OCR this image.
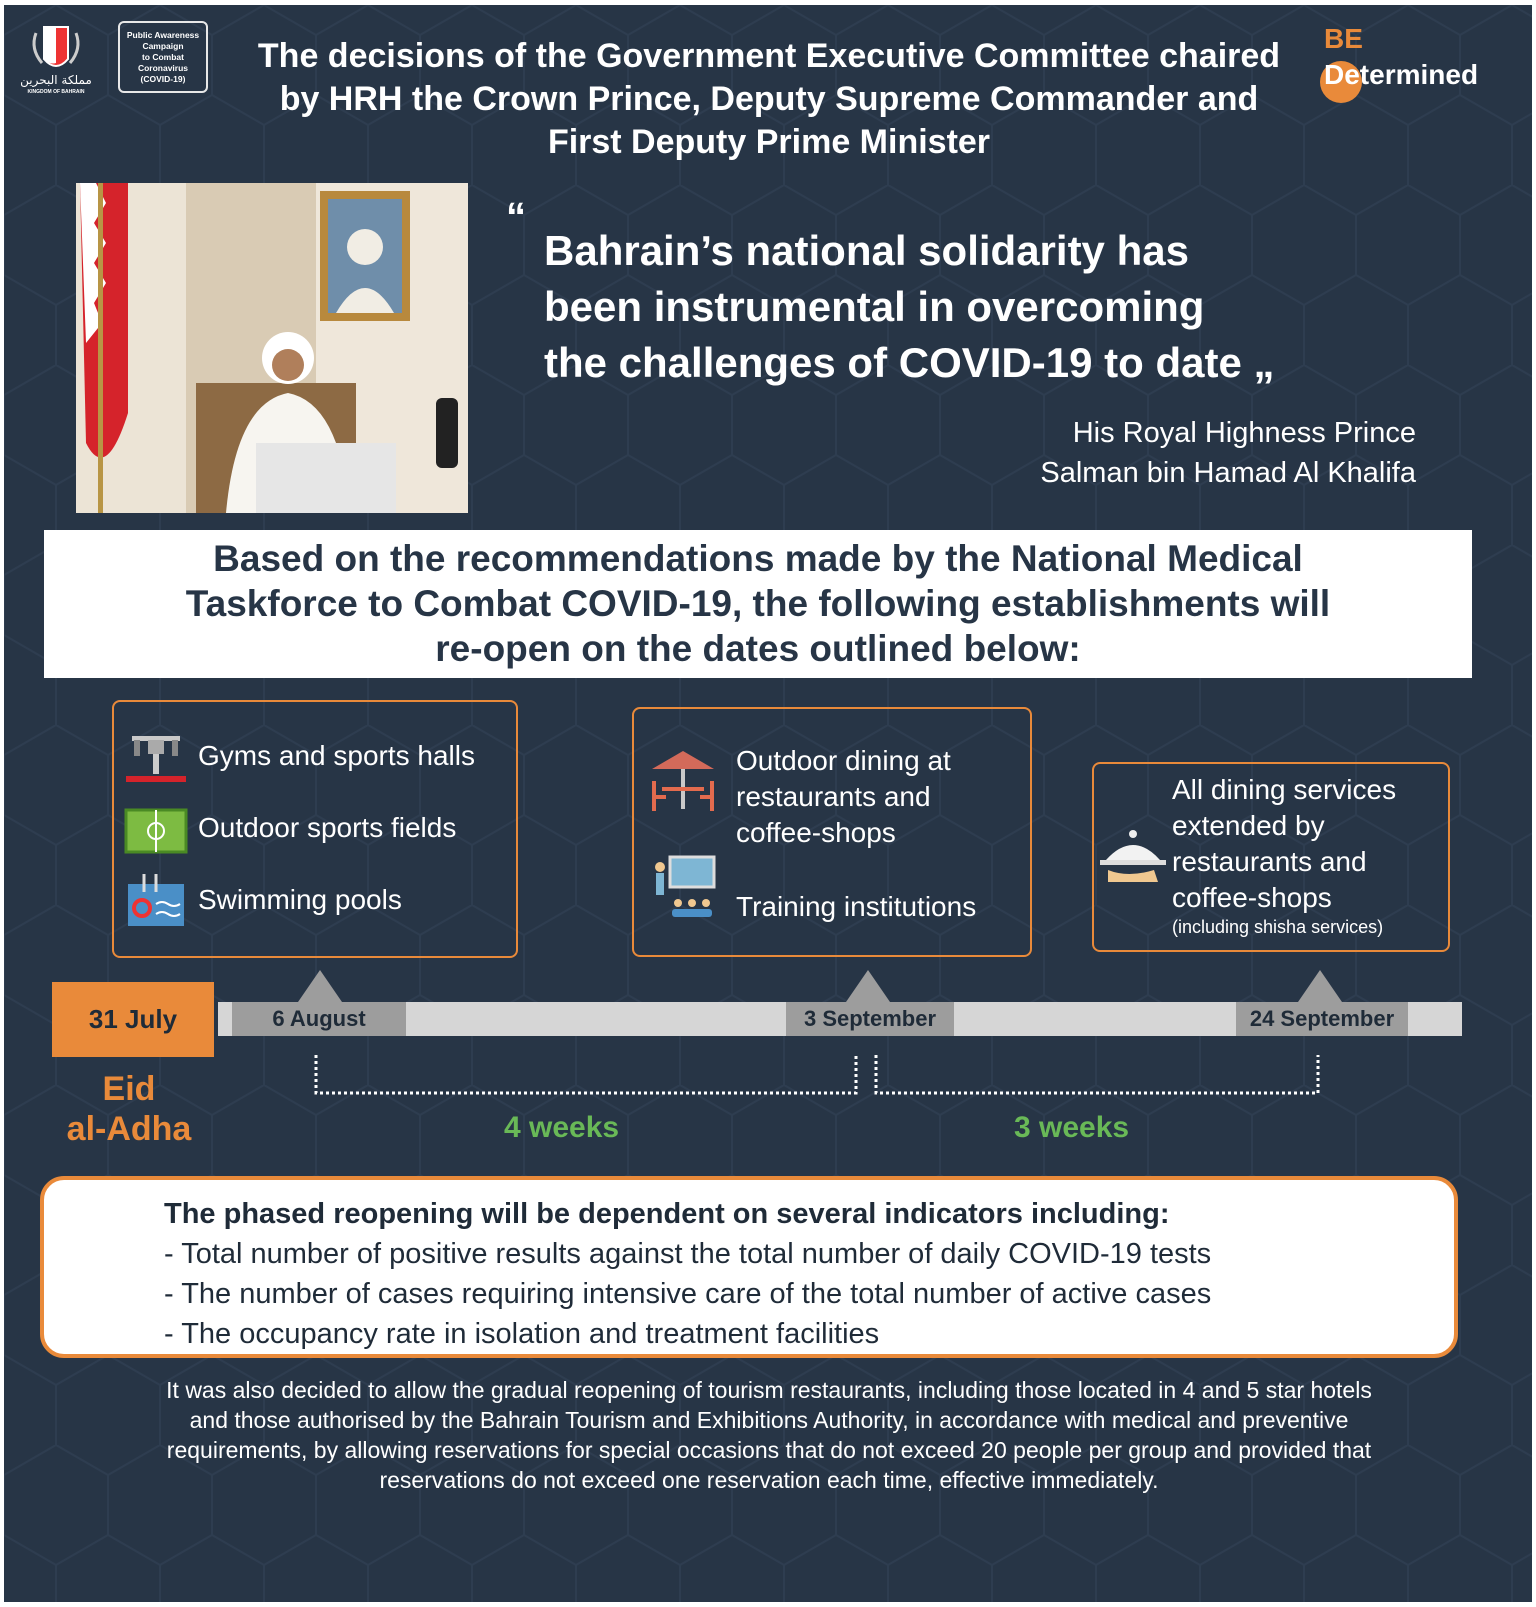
مملكة البحرين
KINGDOM OF BAHRAIN
Public Awareness
Campaign
to Combat
Coronavirus
(COVID-19)
The decisions of the Government Executive Committee chaired
by HRH the Crown Prince, Deputy Supreme Commander and
First Deputy Prime Minister
BE
Determined
“
Bahrain’s national solidarity has
been instrumental in overcoming
the challenges of COVID-19 to date „
His Royal Highness Prince
Salman bin Hamad Al Khalifa
Based on the recommendations made by the National Medical
Taskforce to Combat COVID-19, the following establishments will
re-open on the dates outlined below:
Gyms and sports halls
Outdoor sports fields
Swimming pools
Outdoor dining at
restaurants and
coffee-shops
Training institutions
All dining services
extended by
restaurants and
coffee-shops
(including shisha services)
6 August	3 September	24 September
31 July
Eid
al-Adha	4 weeks	3 weeks
The phased reopening will be dependent on several indicators including:
- Total number of positive results against the total number of daily COVID-19 tests
- The number of cases requiring intensive care of the total number of active cases
- The occupancy rate in isolation and treatment facilities
It was also decided to allow the gradual reopening of tourism restaurants, including those located in 4 and 5 star hotels
and those authorised by the Bahrain Tourism and Exhibitions Authority, in accordance with medical and preventive
requirements, by allowing reservations for special occasions that do not exceed 20 people per group and provided that
reservations do not exceed one reservation each time, effective immediately.
